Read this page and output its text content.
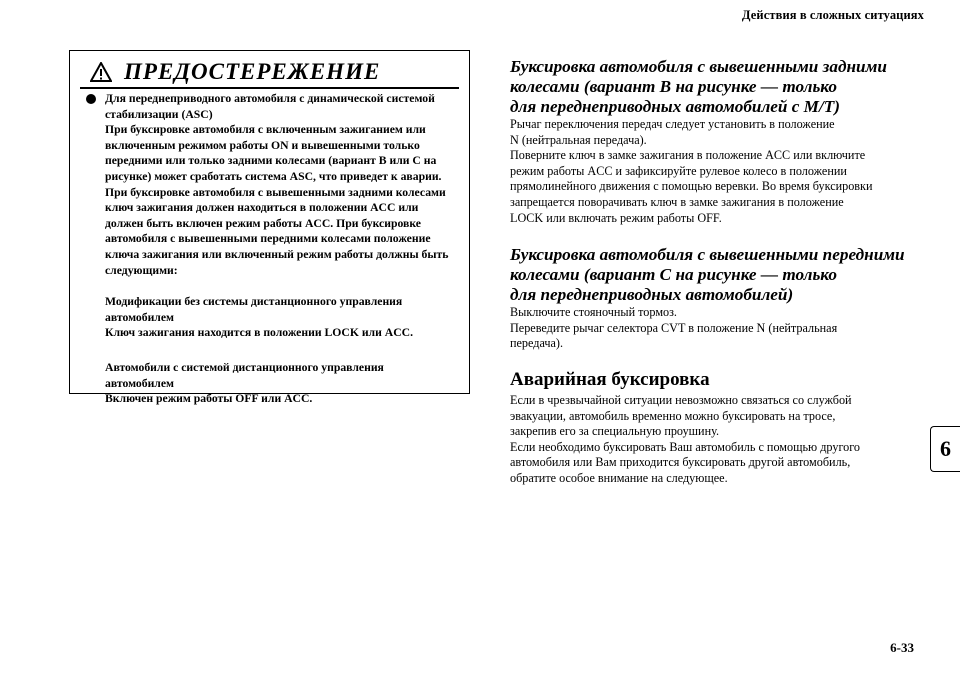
Действия в сложных ситуациях
ПРЕДОСТЕРЕЖЕНИЕ
Для переднеприводного автомобиля с динамической системой
стабилизации (ASC)
При буксировке автомобиля с включенным зажиганием или
включенным режимом работы ON и вывешенными только
передними или только задними колесами (вариант B или C на
рисунке) может сработать система ASC, что приведет к аварии.
При буксировке автомобиля с вывешенными задними колесами
ключ зажигания должен находиться в положении ACC или
должен быть включен режим работы ACC. При буксировке
автомобиля с вывешенными передними колесами положение
ключа зажигания или включенный режим работы должны быть
следующими:
Модификации без системы дистанционного управления
автомобилем
Ключ зажигания находится в положении LOCK или ACC.
Автомобили с системой дистанционного управления
автомобилем
Включен режим работы OFF или ACC.
Буксировка автомобиля с вывешенными задними
колесами (вариант B на рисунке — только
для переднеприводных автомобилей с M/T)
Рычаг переключения передач следует установить в положение
N (нейтральная передача).
Поверните ключ в замке зажигания в положение ACC или включите
режим работы ACC и зафиксируйте рулевое колесо в положении
прямолинейного движения с помощью веревки. Во время буксировки
запрещается поворачивать ключ в замке зажигания в положение
LOCK или включать режим работы OFF.
Буксировка автомобиля с вывешенными передними
колесами (вариант C на рисунке — только
для переднеприводных автомобилей)
Выключите стояночный тормоз.
Переведите рычаг селектора CVT в положение N (нейтральная
передача).
Аварийная буксировка
Если в чрезвычайной ситуации невозможно связаться со службой
эвакуации, автомобиль временно можно буксировать на тросе,
закрепив его за специальную проушину.
Если необходимо буксировать Ваш автомобиль с помощью другого
автомобиля или Вам приходится буксировать другой автомобиль,
обратите особое внимание на следующее.
6
6-33
